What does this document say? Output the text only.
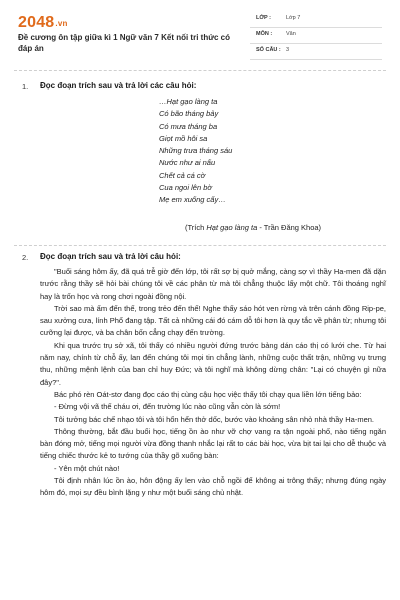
2048.vn
Đề cương ôn tập giữa kì 1 Ngữ văn 7 Kết nối tri thức có đáp án
LỚP :	Lớp 7
MÔN :	Văn
SỐ CÂU : 3
1. Đọc đoạn trích sau và trả lời các câu hỏi:
…Hạt gạo làng ta
Có bão tháng bảy
Có mưa tháng ba
Giọt mồ hôi sa
Những trưa tháng sáu
Nước như ai nấu
Chết cả cá cờ
Cua ngoi lên bờ
Mẹ em xuống cấy…
(Trích Hạt gạo làng ta - Trần Đăng Khoa)
2. Đọc đoạn trích sau và trả lời câu hỏi:

"Buổi sáng hôm ấy, đã quá trễ giờ đến lớp, tôi rất sợ bị quở mắng, càng sợ vì thầy Ha-men đã dặn trước rằng thầy sẽ hỏi bài chúng tôi về các phân từ mà tôi chẳng thuộc lấy một chữ. Tôi thoáng nghĩ hay là trốn học và rong chơi ngoài đồng nội.

Trời sao mà ấm đến thế, trong trẻo đến thế! Nghe thấy sáo hót ven rừng và trên cánh đồng Rip-pe, sau xưởng cưa, lính Phổ đang tập. Tất cả những cái đó cám dỗ tôi hơn là quy tắc về phân từ; nhưng tôi cưỡng lại được, và ba chân bốn cẳng chạy đến trường.

Khi qua trước trụ sở xã, tôi thấy có nhiều người đứng trước bảng dán cáo thị có lưới che. Từ hai năm nay, chính từ chỗ ấy, lan đến chúng tôi mọi tin chẳng lành, những cuộc thất trận, những vụ trưng thu, những mệnh lệnh của ban chỉ huy Đức; và tôi nghĩ mà không dừng chân: "Lại có chuyện gì nữa đây?".

Bác phó rèn Oát-stơ đang đọc cáo thị cùng cậu học việc thấy tôi chạy qua liền lớn tiếng bảo:

- Đừng vội vã thế cháu ơi, đến trường lúc nào cũng vẫn còn là sớm!

Tôi tưởng bác chế nhạo tôi và tôi hổn hển thở dốc, bước vào khoảng sân nhỏ nhà thầy Ha-men.

Thông thường, bắt đầu buổi học, tiếng ồn ào như vỡ chợ vang ra tận ngoài phố, nào tiếng ngăn bàn đóng mở, tiếng mọi người vừa đồng thanh nhắc lại rất to các bài học, vừa bịt tai lại cho dễ thuộc và tiếng chiếc thước kẻ to tướng của thầy gõ xuống bàn:

- Yên một chút nào!

Tôi định nhân lúc ồn ào, hôn động ấy len vào chỗ ngồi để không ai trông thấy; nhưng đúng ngày hôm đó, mọi sự đều bình lặng y như một buổi sáng chủ nhật.
